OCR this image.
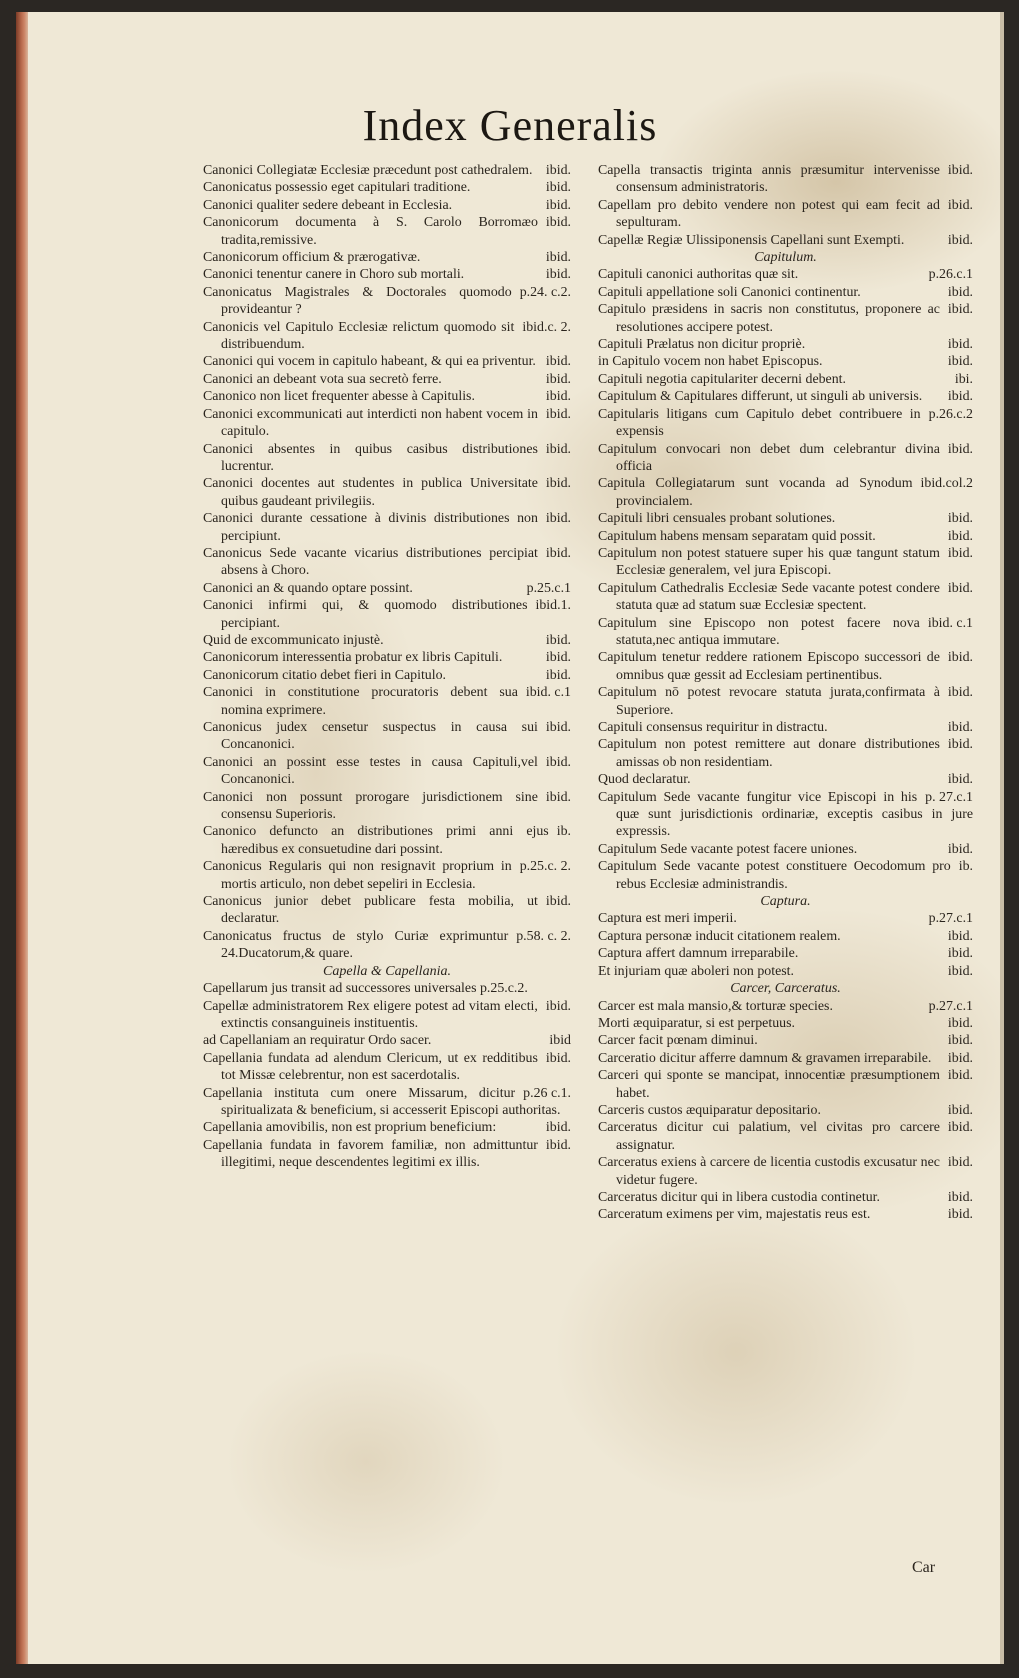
Index Generalis

ibid.
Canonici Collegiatæ Ecclesiæ præcedunt post cathedralem.

ibid.
Canonicatus possessio eget capitulari traditione.

ibid.
Canonici qualiter sedere debeant in Ecclesia.

ibid.
Canonicorum documenta à S. Carolo Borromæo tradita,remissive.

ibid.
Canonicorum officium & prærogativæ.

ibid.
Canonici tenentur canere in Choro sub mortali.

p.24. c.2.
Canonicatus Magistrales & Doctorales quomodo provideantur ?

ibid.c. 2.
Canonicis vel Capitulo Ecclesiæ relictum quomodo sit distribuendum.

ibid.
Canonici qui vocem in capitulo habeant, & qui ea priventur.

ibid.
Canonici an debeant vota sua secretò ferre.

ibid.
Canonico non licet frequenter abesse à Capitulis.

ibid.
Canonici excommunicati aut interdicti non habent vocem in capitulo.

ibid.
Canonici absentes in quibus casibus distributiones lucrentur.

ibid.
Canonici docentes aut studentes in publica Universitate quibus gaudeant privilegiis.

ibid.
Canonici durante cessatione à divinis distributiones non percipiunt.

ibid.
Canonicus Sede vacante vicarius distributiones percipiat absens à Choro.

p.25.c.1
Canonici an & quando optare possint.

ibid.1.
Canonici infirmi qui, & quomodo distributiones percipiant.

ibid.
Quid de excommunicato injustè.

ibid.
Canonicorum interessentia probatur ex libris Capituli.

ibid.
Canonicorum citatio debet fieri in Capitulo.

ibid. c.1
Canonici in constitutione procuratoris debent sua nomina exprimere.

ibid.
Canonicus judex censetur suspectus in causa sui Concanonici.

ibid.
Canonici an possint esse testes in causa Capituli,vel Concanonici.

ibid.
Canonici non possunt prorogare jurisdictionem sine consensu Superioris.

ib.
Canonico defuncto an distributiones primi anni ejus hæredibus ex consuetudine dari possint.

p.25.c. 2.
Canonicus Regularis qui non resignavit proprium in mortis articulo, non debet sepeliri in Ecclesia.

ibid.
Canonicus junior debet publicare festa mobilia, ut declaratur.

p.58. c. 2.
Canonicatus fructus de stylo Curiæ exprimuntur 24.Ducatorum,& quare.

Capella & Capellania.

Capellarum jus transit ad successores universales p.25.c.2.

ibid.
Capellæ administratorem Rex eligere potest ad vitam electi, extinctis consanguineis instituentis.

ibid
ad Capellaniam an requiratur Ordo sacer.

ibid.
Capellania fundata ad alendum Clericum, ut ex redditibus tot Missæ celebrentur, non est sacerdotalis.

p.26 c.1.
Capellania instituta cum onere Missarum, dicitur spiritualizata & beneficium, si accesserit Episcopi authoritas.

ibid.
Capellania amovibilis, non est proprium beneficium:

ibid.
Capellania fundata in favorem familiæ, non admittuntur illegitimi, neque descendentes legitimi ex illis.

ibid.
Capella transactis triginta annis præsumitur intervenisse consensum administratoris.

ibid.
Capellam pro debito vendere non potest qui eam fecit ad sepulturam.

ibid.
Capellæ Regiæ Ulissiponensis Capellani sunt Exempti.

Capitulum.

p.26.c.1
Capituli canonici authoritas quæ sit.

ibid.
Capituli appellatione soli Canonici continentur.

ibid.
Capitulo præsidens in sacris non constitutus, proponere ac resolutiones accipere potest.

ibid.
Capituli Prælatus non dicitur propriè.

ibid.
in Capitulo vocem non habet Episcopus.

ibi.
Capituli negotia capitulariter decerni debent.

ibid.
Capitulum & Capitulares differunt, ut singuli ab universis.

p.26.c.2
Capitularis litigans cum Capitulo debet contribuere in expensis

ibid.
Capitulum convocari non debet dum celebrantur divina officia

ibid.col.2
Capitula Collegiatarum sunt vocanda ad Synodum provincialem.

ibid.
Capituli libri censuales probant solutiones.

ibid.
Capitulum habens mensam separatam quid possit.

ibid.
Capitulum non potest statuere super his quæ tangunt statum Ecclesiæ generalem, vel jura Episcopi.

ibid.
Capitulum Cathedralis Ecclesiæ Sede vacante potest condere statuta quæ ad statum suæ Ecclesiæ spectent.

ibid. c.1
Capitulum sine Episcopo non potest facere nova statuta,nec antiqua immutare.

ibid.
Capitulum tenetur reddere rationem Episcopo successori de omnibus quæ gessit ad Ecclesiam pertinentibus.

ibid.
Capitulum nō potest revocare statuta jurata,confirmata à Superiore.

ibid.
Capituli consensus requiritur in distractu.

ibid.
Capitulum non potest remittere aut donare distributiones amissas ob non residentiam.

ibid.
Quod declaratur.

p. 27.c.1
Capitulum Sede vacante fungitur vice Episcopi in his quæ sunt jurisdictionis ordinariæ, exceptis casibus in jure expressis.

ibid.
Capitulum Sede vacante potest facere uniones.

ib.
Capitulum Sede vacante potest constituere Oecodomum pro rebus Ecclesiæ administrandis.

Captura.

p.27.c.1
Captura est meri imperii.

ibid.
Captura personæ inducit citationem realem.

ibid.
Captura affert damnum irreparabile.

ibid.
Et injuriam quæ aboleri non potest.

Carcer, Carceratus.

p.27.c.1
Carcer est mala mansio,& torturæ species.

ibid.
Morti æquiparatur, si est perpetuus.

ibid.
Carcer facit pœnam diminui.

ibid.
Carceratio dicitur afferre damnum & gravamen irreparabile.

ibid.
Carceri qui sponte se mancipat, innocentiæ præsumptionem habet.

ibid.
Carceris custos æquiparatur depositario.

ibid.
Carceratus dicitur cui palatium, vel civitas pro carcere assignatur.

ibid.
Carceratus exiens à carcere de licentia custodis excusatur nec videtur fugere.

ibid.
Carceratus dicitur qui in libera custodia continetur.

ibid.
Carceratum eximens per vim, majestatis reus est.

Car
